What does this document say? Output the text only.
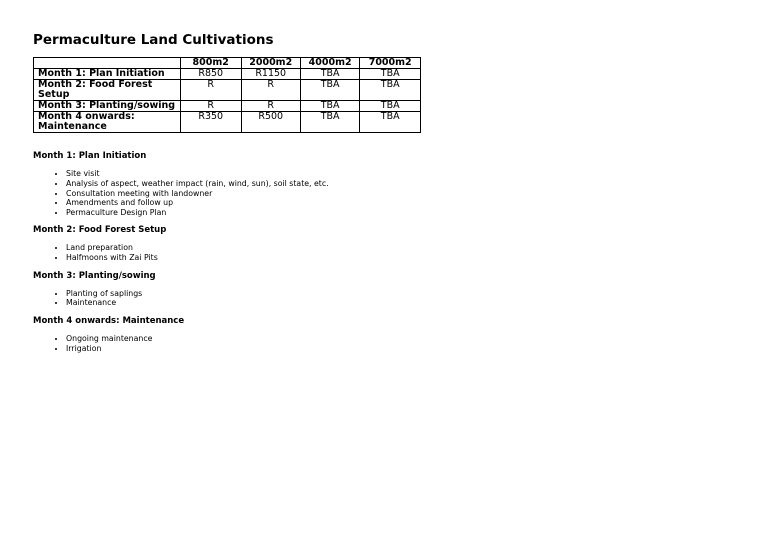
Permaculture Land Cultivations
	800m2	2000m2	4000m2	7000m2
Month 1: Plan Initiation	R850	R1150	TBA	TBA
Month 2: Food Forest Setup	R	R	TBA	TBA
Month 3: Planting/sowing	R	R	TBA	TBA
Month 4 onwards: Maintenance	R350	R500	TBA	TBA
Month 1: Plan Initiation
• Site visit
• Analysis of aspect, weather impact (rain, wind, sun), soil state, etc.
• Consultation meeting with landowner
• Amendments and follow up
• Permaculture Design Plan
Month 2: Food Forest Setup
• Land preparation
• Halfmoons with Zai Pits
Month 3: Planting/sowing
• Planting of saplings
• Maintenance
Month 4 onwards: Maintenance
• Ongoing maintenance
• Irrigation
